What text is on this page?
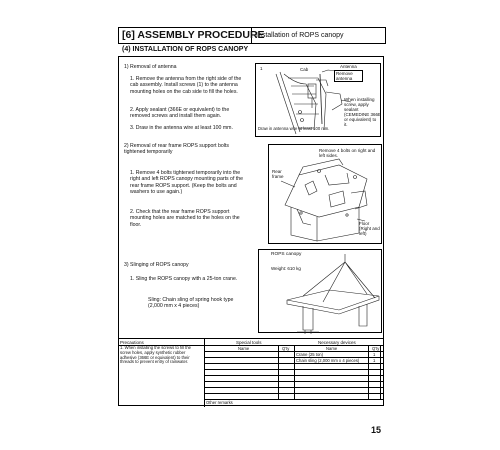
[6] ASSEMBLY PROCEDURE
Installation of ROPS canopy
(4) INSTALLATION OF ROPS CANOPY
1) Removal of antenna
1. Remove the antenna from the right side of the cab assembly. Install screws (1) to the antenna mounting holes on the cab side to fill the holes.
2. Apply sealant (366E or equivalent) to the removed screws and install them again.
3. Draw in the antenna wire at least 100 mm.
1	Cab
Antenna
Remove antenna
When installing screw, apply sealant (CEMEDINE 366E or equivalent) to it.
Draw in antenna wire at least 100 mm.
2) Removal of rear frame ROPS support bolts tightened temporarily
1. Remove 4 bolts tightened temporarily into the right and left ROPS canopy mounting parts of the rear frame ROPS support. (Keep the bolts and washers to use again.)
2. Check that the rear frame ROPS support mounting holes are matched to the holes on the floor.
Rear frame
Remove 4 bolts on right and left sides.
Floor (Right and left)
3) Slinging of ROPS canopy
1. Sling the ROPS canopy with a 25-ton crane.
Sling: Chain sling of spring hook type (2,000 mm x 4 pieces)
ROPS canopy
Weight: 610 kg
Precautions
1. When installing the screws to fill the screw holes, apply synthetic rubber adhesive (366E or equivalent) to their threads to prevent entry of rainwater.
Special tools
Name	Q'ty
Necessary devices
Name	Q'ty
Crane (25 ton)	1
Chain sling (2,000 mm x 4 pieces)	1
Other remarks
15
